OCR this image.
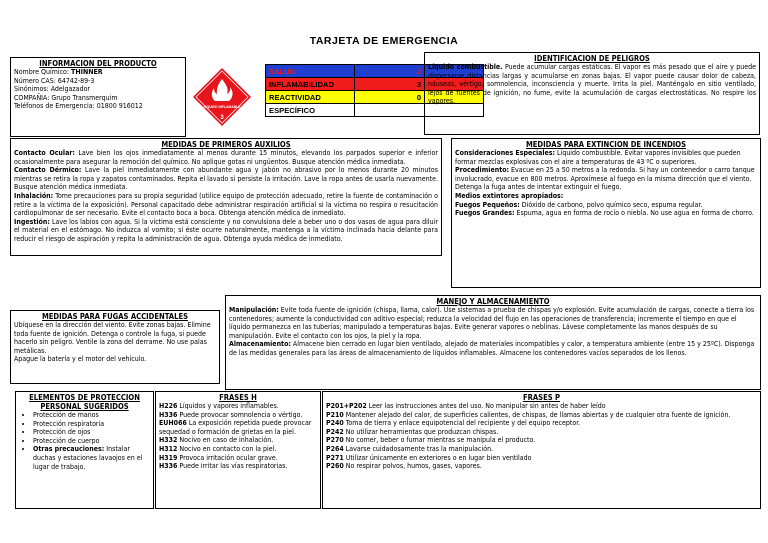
TARJETA DE EMERGENCIA
INFORMACION DEL PRODUCTO
Nombre Químico: THINNER
Número CAS: 64742-89-3
Sinónimos: Adelgazador
COMPAÑIA: Grupo Transmerquim
Teléfonos de Emergencia: 01800 916012	LIQUIDO INFLAMABLE
3
SALUD	2
INFLAMABILIDAD	3
REACTIVIDAD	0
ESPECÍFICO	
IDENTIFICACION DE PELIGROS

Líquido combustible. Puede acumular cargas estáticas. El vapor es más pesado que el aire y puede dispersarse distancias largas y acumularse en zonas bajas. El vapor puede causar dolor de cabeza, náuseas, vértigo, somnolencia, inconsciencia y muerte. Irrita la piel. Manténgalo en sitio ventilado, lejos de fuentes de ignición, no fume, evite la acumulación de cargas electrostáticas. No respire los vapores.

MEDIDAS DE PRIMEROS AUXILIOS

Contacto Ocular: Lave bien los ojos inmediatamente al menos durante 15 minutos, elevando los parpados superior e inferior ocasionalmente para asegurar la remoción del químico. No aplique gotas ni ungüentos. Busque atención médica inmediata.

Contacto Dérmico: Lave la piel inmediatamente con abundante agua y jabón no abrasivo por lo menos durante 20 minutos mientras se retira la ropa y zapatos contaminados. Repita el lavado si persiste la irritación. Lave la ropa antes de usarla nuevamente. Busque atención médica inmediata.

Inhalación: Tome precauciones para su propia seguridad (utilice equipo de protección adecuado, retire la fuente de contaminación o retire a la víctima de la exposición). Personal capacitado debe administrar respiración artificial si la víctima no respira o resucitación cardiopulmonar de ser necesario. Evite el contacto boca a boca. Obtenga atención médica de inmediato.

Ingestión: Lave los labios con agua. Si la víctima está consciente y no convulsiona dele a beber uno o dos vasos de agua para diluir el material en el estómago. No induzca al vomito; si éste ocurre naturalmente, mantenga a la víctima inclinada hacia delante para reducir el riesgo de aspiración y repita la administración de agua. Obtenga ayuda médica de inmediato.

MEDIDAS PARA EXTINCION DE INCENDIOS

Consideraciones Especiales: Líquido combustible. Evitar vapores invisibles que pueden formar mezclas explosivas con el aire a temperaturas de 43 ºC o superiores.

Procedimiento: Evacue en 25 a 50 metros a la redonda. Si hay un contenedor o carro tanque involucrado, evacue en 800 metros. Aproxímese al fuego en la misma dirección que el viento. Detenga la fuga antes de intentar extinguir el fuego.

Medios extintores apropiados:

Fuegos Pequeños: Dióxido de carbono, polvo químico seco, espuma regular.

Fuegos Grandes: Espuma, agua en forma de rocío o niebla. No use agua en forma de chorro.

MEDIDAS PARA FUGAS ACCIDENTALES

Ubíquese en la dirección del viento. Evite zonas bajas. Elimine toda fuente de ignición. Detenga o controle la fuga, si puede hacerlo sin peligro. Ventile la zona del derrame. No use palas metálicas.

Apague la batería y el motor del vehículo.

MANEJO Y ALMACENAMIENTO

Manipulación: Evite toda fuente de ignición (chispa, llama, calor). Use sistemas a prueba de chispas y/o explosión. Evite acumulación de cargas, conecte a tierra los contenedores; aumente la conductividad con aditivo especial; reduzca la velocidad del flujo en las operaciones de transferencia; incremente el tiempo en que el líquido permanezca en las tuberías; manipulado a temperaturas bajas. Evite generar vapores o neblinas. Lávese completamente las manos después de su manipulación. Evite el contacto con los ojos, la piel y la ropa.

Almacenamiento: Almacene bien cerrado en lugar bien ventilado, alejado de materiales incompatibles y calor, a temperatura ambiente (entre 15 y 25ºC). Disponga de las medidas generales para las áreas de almacenamiento de líquidos inflamables. Almacene los contenedores vacíos separados de los llenos.

ELEMENTOS DE PROTECCION PERSONAL SUGERIDOS
• Protección de manos
• Protección respiratoria
• Protección de ojos
• Protección de cuerpo
• Otras precauciones: Instalar duchas y estaciones lavaojos en el lugar de trabajo.
FRASES H

H226 Líquidos y vapores inflamables.

H336 Puede provocar somnolencia o vértigo.

EUH066 La exposición repetida puede provocar sequedad o formación de grietas en la piel.

H332 Nocivo en caso de inhalación.

H312 Nocivo en contacto con la piel.

H319 Provoca irritación ocular grave.

H336 Puede irritar las vías respiratorias.

FRASES P

P201+P202 Leer las instrucciones antes del uso. No manipular sin antes de haber leído

P210 Mantener alejado del calor, de superficies calientes, de chispas, de llamas abiertas y de cualquier otra fuente de ignición.

P240 Toma de tierra y enlace equipotencial del recipiente y del equipo receptor.

P242 No utilizar herramientas que produzcan chispas.

P270 No comer, beber o fumar mientras se manipula el producto.

P264 Lavarse cuidadosamente tras la manipulación.

P271 Utilizar únicamente en exteriores o en lugar bien ventilado

P260 No respirar polvos, humos, gases, vapores.
